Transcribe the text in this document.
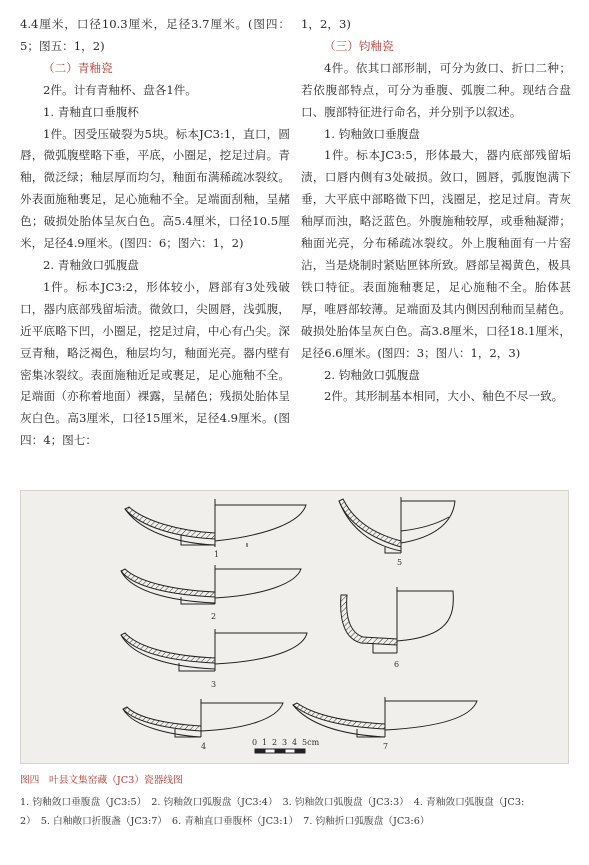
4.4厘米，口径10.3厘米，足径3.7厘米。(图四：5；图五：1，2)

（二）青釉瓷

2件。计有青釉杯、盘各1件。

1. 青釉直口垂腹杯

1件。因受压破裂为5块。标本JC3:1，直口，圆唇，微弧腹壁略下垂，平底，小圈足，挖足过肩。青釉，微泛绿；釉层厚而均匀，釉面布满稀疏冰裂纹。外表面施釉裹足，足心施釉不全。足端面刮釉，呈赭色；破损处胎体呈灰白色。高5.4厘米，口径10.5厘米，足径4.9厘米。(图四：6；图六：1，2)

2. 青釉敛口弧腹盘

1件。标本JC3:2，形体较小，唇部有3处残破口，器内底部残留垢渍。微敛口，尖圆唇，浅弧腹，近平底略下凹，小圈足，挖足过肩，中心有凸尖。深豆青釉，略泛褐色，釉层均匀，釉面光亮。器内壁有密集冰裂纹。表面施釉近足或裹足，足心施釉不全。足端面（亦称着地面）裸露，呈赭色；残损处胎体呈灰白色。高3厘米，口径15厘米，足径4.9厘米。(图四：4；图七：

1，2，3)

（三）钧釉瓷

4件。依其口部形制，可分为敛口、折口二种；若依腹部特点，可分为垂腹、弧腹二种。现结合盘口、腹部特征进行命名，并分别予以叙述。

1. 钧釉敛口垂腹盘

1件。标本JC3:5，形体最大，器内底部残留垢渍，口唇内侧有3处破损。敛口，圆唇，弧腹饱满下垂，大平底中部略微下凹，浅圈足，挖足过肩。青灰釉厚而浊，略泛蓝色。外腹施釉较厚，或垂釉凝滞；釉面光亮，分布稀疏冰裂纹。外上腹釉面有一片窑沾，当是烧制时紧贴匣钵所致。唇部呈褐黄色，极具铁口特征。表面施釉裹足，足心施釉不全。胎体甚厚，唯唇部较薄。足端面及其内侧因刮釉而呈赭色。破损处胎体呈灰白色。高3.8厘米，口径18.1厘米，足径6.6厘米。(图四：3；图八：1，2，3)

2. 钧釉敛口弧腹盘

2件。其形制基本相同，大小、釉色不尽一致。

1
2
3
4
5
6
7
0 1 2 3 4 5cm
图四　叶县文集窑藏（JC3）瓷器线图
1. 钧釉敛口垂腹盘（JC3:5）　2. 钧釉敛口弧腹盘（JC3:4）　3. 钧釉敛口弧腹盘（JC3:3）　4. 青釉敛口弧腹盘（JC3:
2）　5. 白釉敞口折腹盏（JC3:7）　6. 青釉直口垂腹杯（JC3:1）　7. 钧釉折口弧腹盘（JC3:6）
